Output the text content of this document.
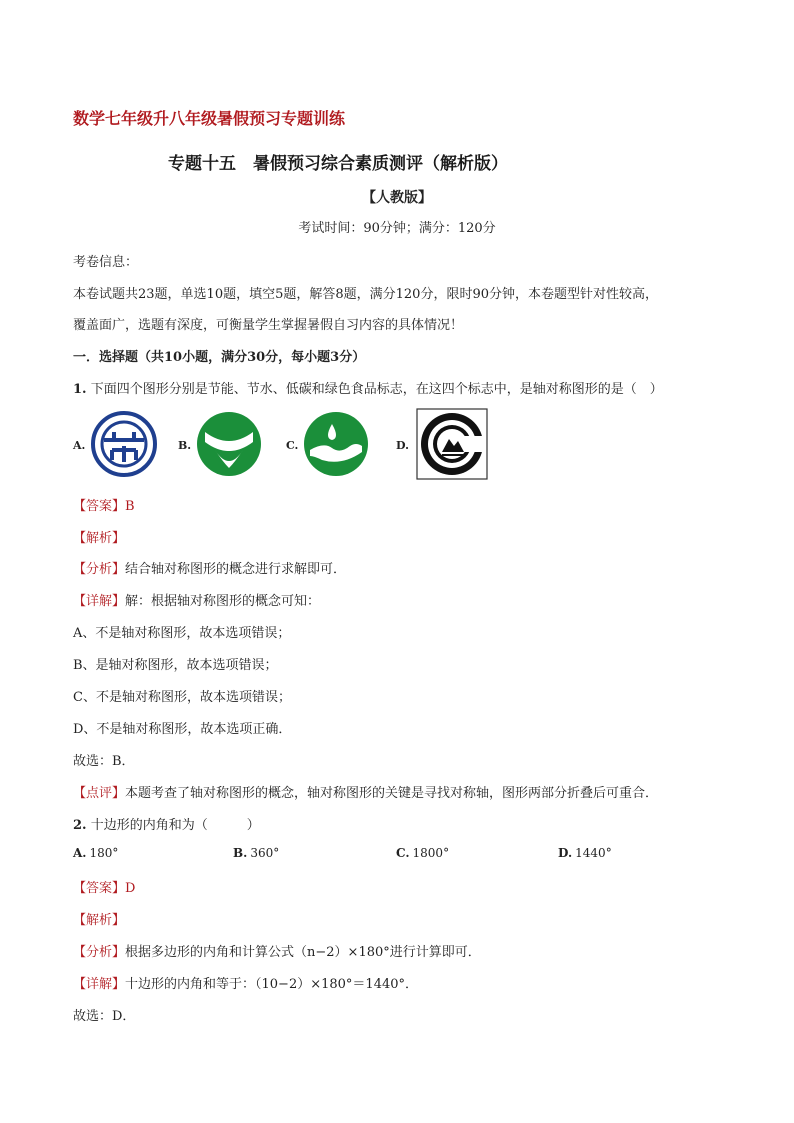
数学七年级升八年级暑假预习专题训练
专题十五　暑假预习综合素质测评（解析版）
【人教版】
考试时间：90分钟；满分：120分
考卷信息：
本卷试题共23题，单选10题，填空5题，解答8题，满分120分，限时90分钟，本卷题型针对性较高，
覆盖面广，选题有深度，可衡量学生掌握暑假自习内容的具体情况！
一．选择题（共10小题，满分30分，每小题3分）
1. 下面四个图形分别是节能、节水、低碳和绿色食品标志，在这四个标志中，是轴对称图形的是（　）
A.	B.	C.	D.
【答案】B
【解析】
【分析】结合轴对称图形的概念进行求解即可．
【详解】解：根据轴对称图形的概念可知：
A、不是轴对称图形，故本选项错误；
B、是轴对称图形，故本选项错误；
C、不是轴对称图形，故本选项错误；
D、不是轴对称图形，故本选项正确．
故选：B．
【点评】本题考查了轴对称图形的概念，轴对称图形的关键是寻找对称轴，图形两部分折叠后可重合．
2. 十边形的内角和为（　　　）
A. 180°	B. 360°	C. 1800°	D. 1440°
【答案】D
【解析】
【分析】根据多边形的内角和计算公式（n−2）×180°进行计算即可．
【详解】十边形的内角和等于：（10−2）×180°＝1440°．
故选：D．
